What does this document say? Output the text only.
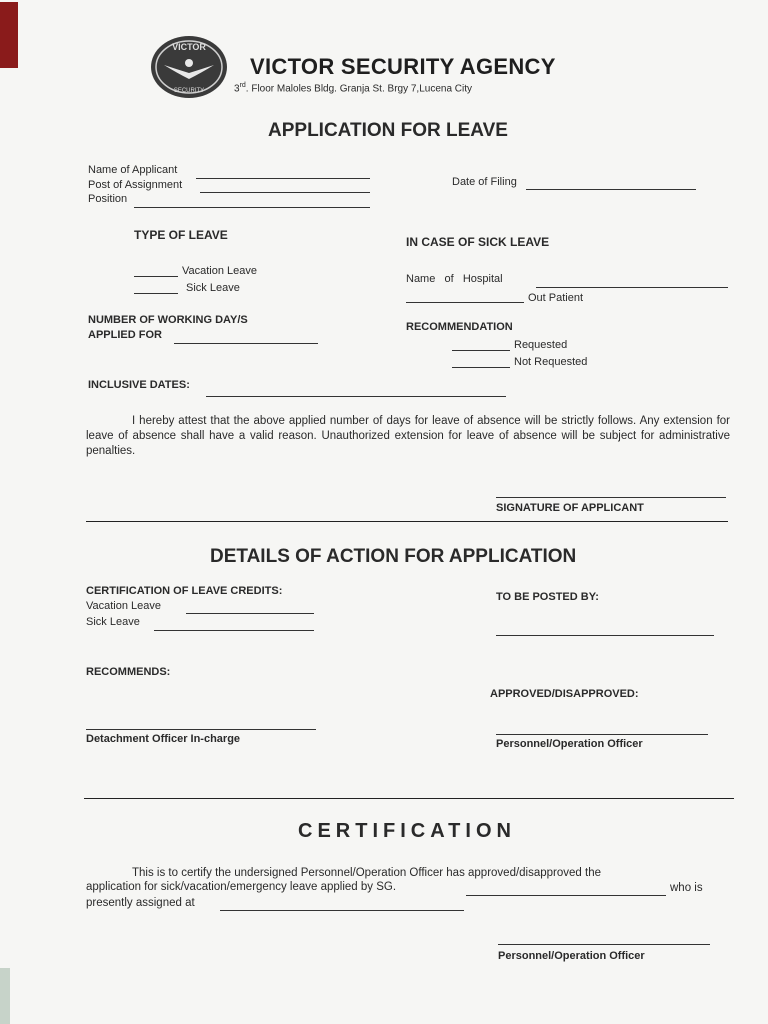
VICTOR
SECURITY
VICTOR SECURITY AGENCY
3rd. Floor Maloles Bldg. Granja St. Brgy 7,Lucena City
APPLICATION FOR LEAVE
Name of Applicant
Post of Assignment
Position
Date of Filing
TYPE OF LEAVE
Vacation Leave
Sick Leave
IN CASE OF SICK LEAVE
Name   of   Hospital
Out Patient
NUMBER OF WORKING DAY/S
APPLIED FOR
RECOMMENDATION
Requested
Not Requested
INCLUSIVE DATES:
I hereby attest that the above applied number of days for leave of absence will be strictly follows. Any extension for leave of absence shall have a valid reason. Unauthorized extension for leave of absence will be subject for administrative penalties.
SIGNATURE OF APPLICANT
DETAILS OF ACTION FOR APPLICATION
CERTIFICATION OF LEAVE CREDITS:
Vacation Leave
Sick Leave
TO BE POSTED BY:
RECOMMENDS:
APPROVED/DISAPPROVED:
Detachment Officer In-charge	Personnel/Operation Officer
CERTIFICATION
This is to certify the undersigned Personnel/Operation Officer has approved/disapproved the
application for sick/vacation/emergency leave applied by SG.	who is
presently assigned at
Personnel/Operation Officer
